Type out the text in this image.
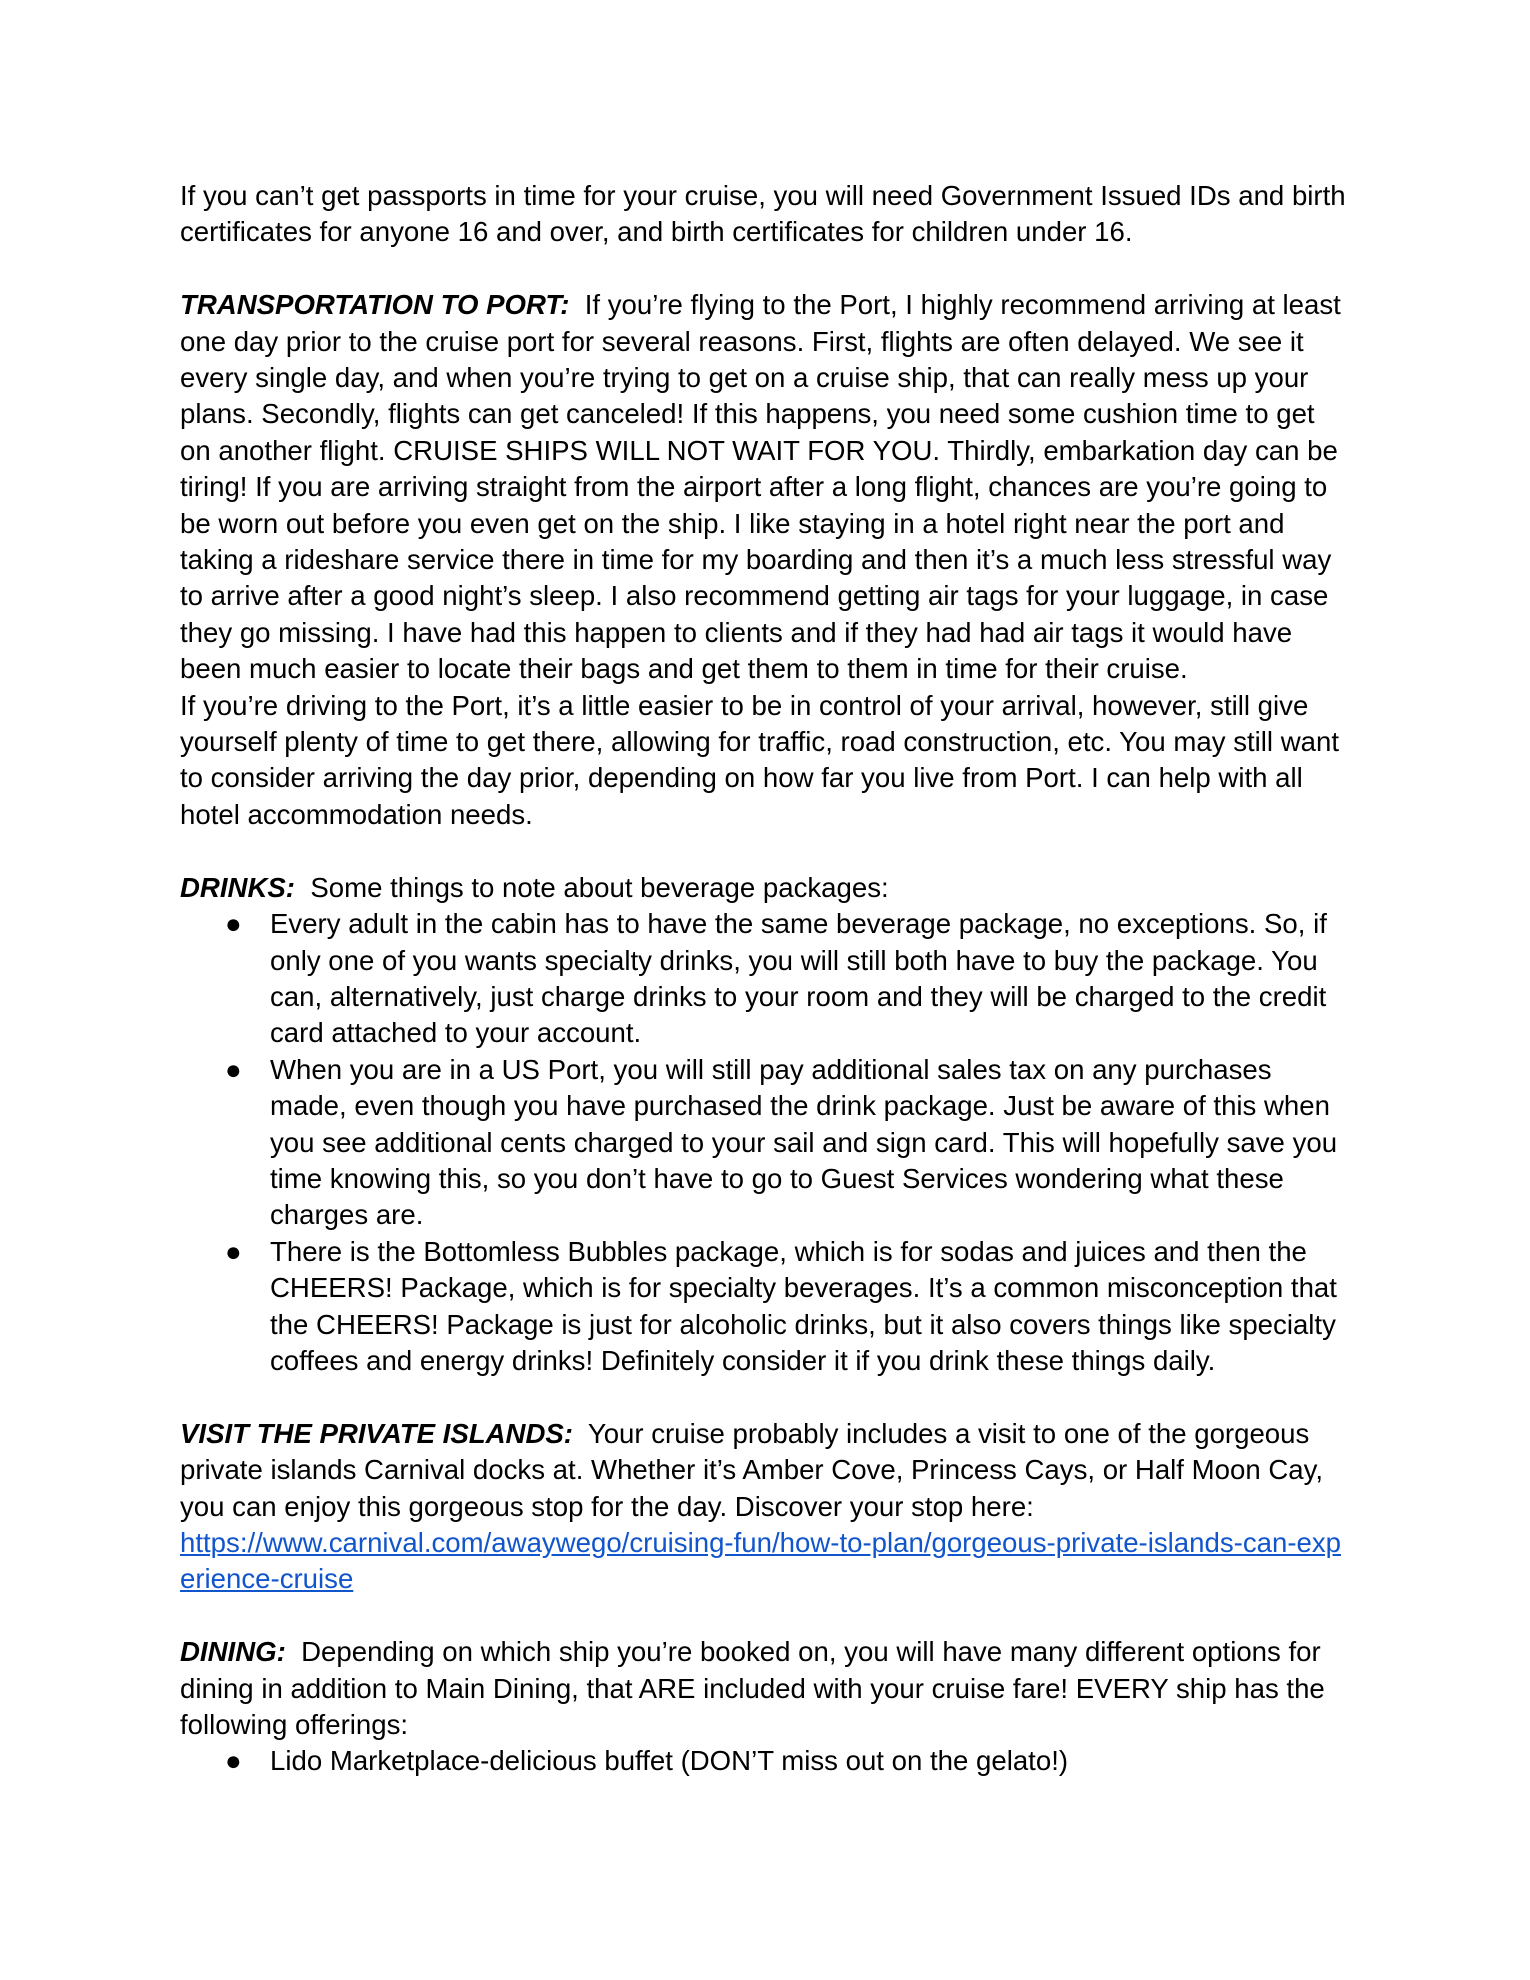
If you can’t get passports in time for your cruise, you will need Government Issued IDs and birth certificates for anyone 16 and over, and birth certificates for children under 16.

TRANSPORTATION TO PORT: If you’re flying to the Port, I highly recommend arriving at least one day prior to the cruise port for several reasons. First, flights are often delayed. We see it every single day, and when you’re trying to get on a cruise ship, that can really mess up your plans. Secondly, flights can get canceled! If this happens, you need some cushion time to get on another flight. CRUISE SHIPS WILL NOT WAIT FOR YOU. Thirdly, embarkation day can be tiring! If you are arriving straight from the airport after a long flight, chances are you’re going to be worn out before you even get on the ship. I like staying in a hotel right near the port and taking a rideshare service there in time for my boarding and then it’s a much less stressful way to arrive after a good night’s sleep. I also recommend getting air tags for your luggage, in case they go missing. I have had this happen to clients and if they had had air tags it would have been much easier to locate their bags and get them to them in time for their cruise.

If you’re driving to the Port, it’s a little easier to be in control of your arrival, however, still give yourself plenty of time to get there, allowing for traffic, road construction, etc. You may still want to consider arriving the day prior, depending on how far you live from Port. I can help with all hotel accommodation needs.

DRINKS: Some things to note about beverage packages:

● Every adult in the cabin has to have the same beverage package, no exceptions. So, if only one of you wants specialty drinks, you will still both have to buy the package. You can, alternatively, just charge drinks to your room and they will be charged to the credit card attached to your account.
● When you are in a US Port, you will still pay additional sales tax on any purchases made, even though you have purchased the drink package. Just be aware of this when you see additional cents charged to your sail and sign card. This will hopefully save you time knowing this, so you don’t have to go to Guest Services wondering what these charges are.
● There is the Bottomless Bubbles package, which is for sodas and juices and then the CHEERS! Package, which is for specialty beverages. It’s a common misconception that the CHEERS! Package is just for alcoholic drinks, but it also covers things like specialty coffees and energy drinks! Definitely consider it if you drink these things daily.

VISIT THE PRIVATE ISLANDS: Your cruise probably includes a visit to one of the gorgeous private islands Carnival docks at. Whether it’s Amber Cove, Princess Cays, or Half Moon Cay, you can enjoy this gorgeous stop for the day. Discover your stop here:
https://www.carnival.com/awaywego/cruising-fun/how-to-plan/gorgeous-private-islands-can-experience-cruise

DINING: Depending on which ship you’re booked on, you will have many different options for dining in addition to Main Dining, that ARE included with your cruise fare! EVERY ship has the following offerings:

● Lido Marketplace-delicious buffet (DON’T miss out on the gelato!)
